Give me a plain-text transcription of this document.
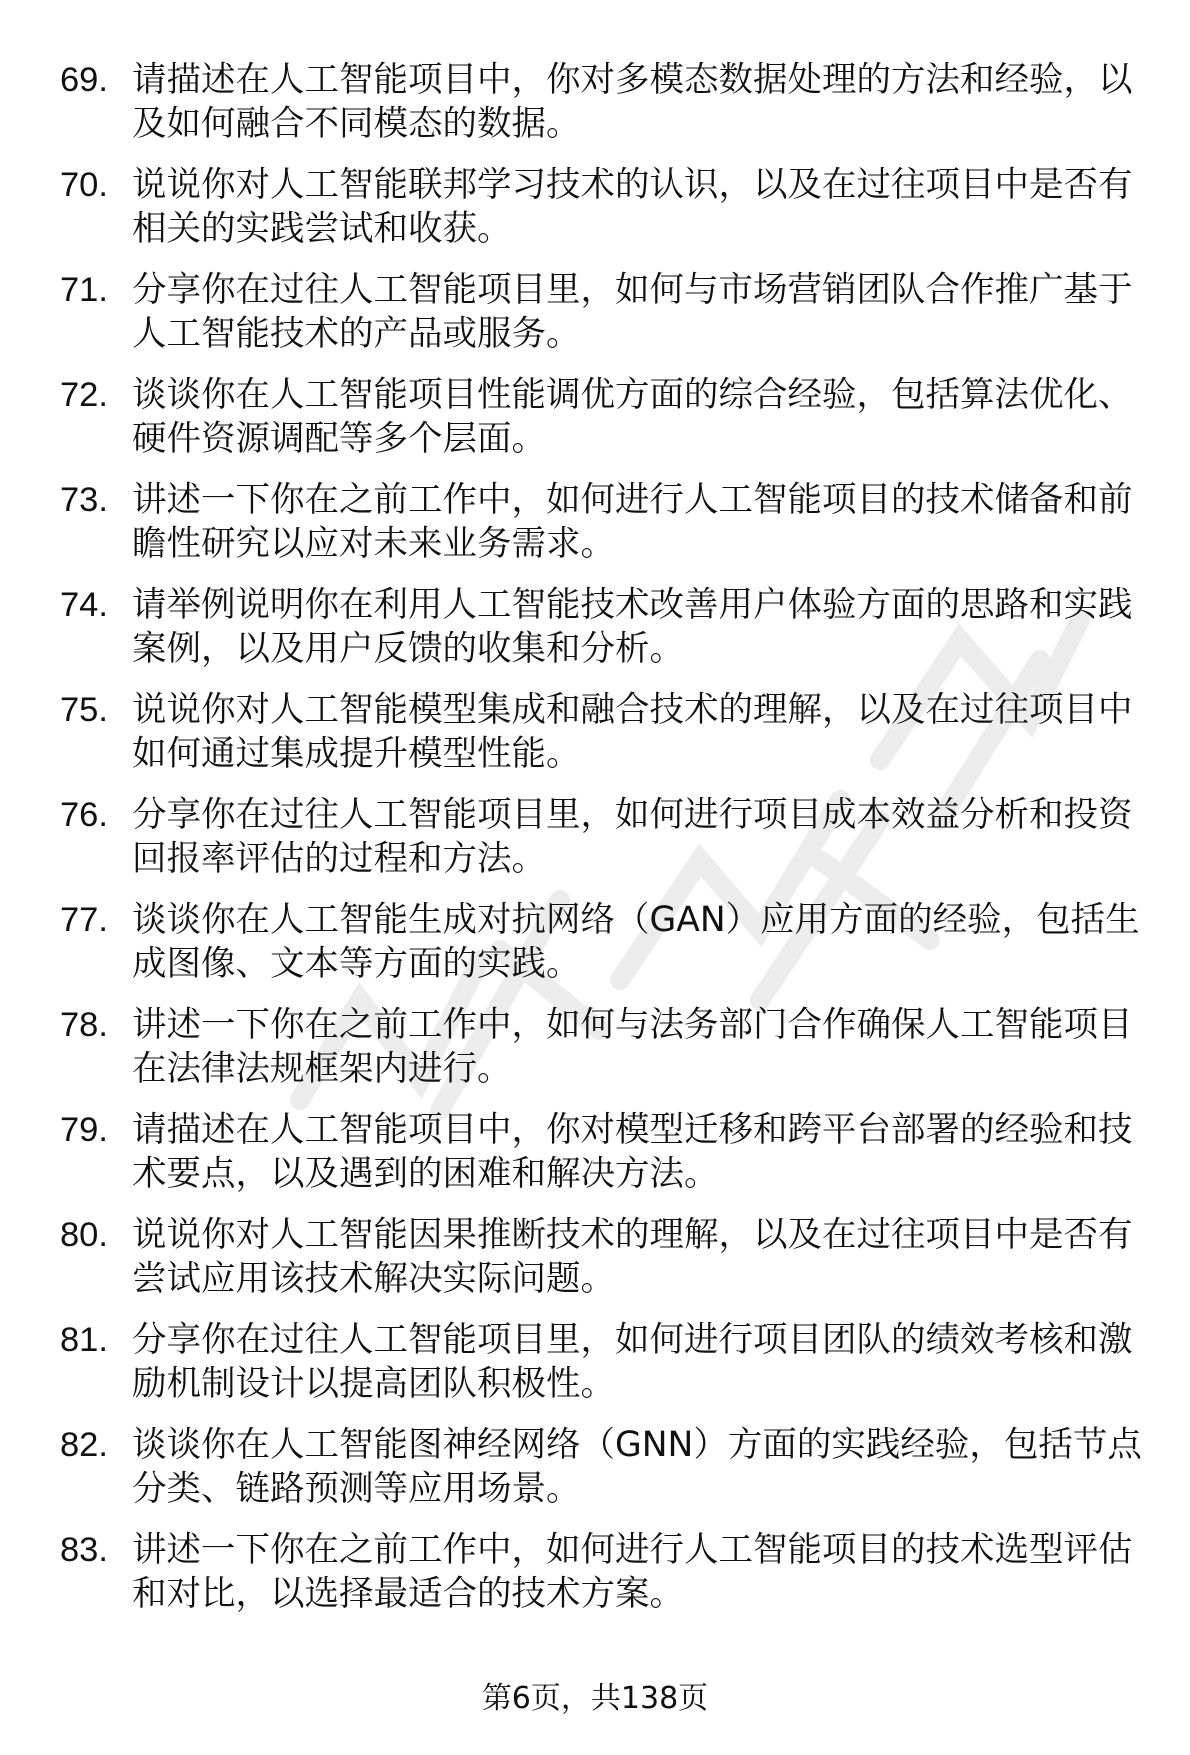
69. 请描述在人工智能项目中，你对多模态数据处理的方法和经验，以及如何融合不同模态的数据。
70. 说说你对人工智能联邦学习技术的认识，以及在过往项目中是否有相关的实践尝试和收获。
71. 分享你在过往人工智能项目里，如何与市场营销团队合作推广基于人工智能技术的产品或服务。
72. 谈谈你在人工智能项目性能调优方面的综合经验，包括算法优化、硬件资源调配等多个层面。
73. 讲述一下你在之前工作中，如何进行人工智能项目的技术储备和前瞻性研究以应对未来业务需求。
74. 请举例说明你在利用人工智能技术改善用户体验方面的思路和实践案例，以及用户反馈的收集和分析。
75. 说说你对人工智能模型集成和融合技术的理解，以及在过往项目中如何通过集成提升模型性能。
76. 分享你在过往人工智能项目里，如何进行项目成本效益分析和投资回报率评估的过程和方法。
77. 谈谈你在人工智能生成对抗网络（GAN）应用方面的经验，包括生成图像、文本等方面的实践。
78. 讲述一下你在之前工作中，如何与法务部门合作确保人工智能项目在法律法规框架内进行。
79. 请描述在人工智能项目中，你对模型迁移和跨平台部署的经验和技术要点，以及遇到的困难和解决方法。
80. 说说你对人工智能因果推断技术的理解，以及在过往项目中是否有尝试应用该技术解决实际问题。
81. 分享你在过往人工智能项目里，如何进行项目团队的绩效考核和激励机制设计以提高团队积极性。
82. 谈谈你在人工智能图神经网络（GNN）方面的实践经验，包括节点分类、链路预测等应用场景。
83. 讲述一下你在之前工作中，如何进行人工智能项目的技术选型评估和对比，以选择最适合的技术方案。
第6页，共138页
